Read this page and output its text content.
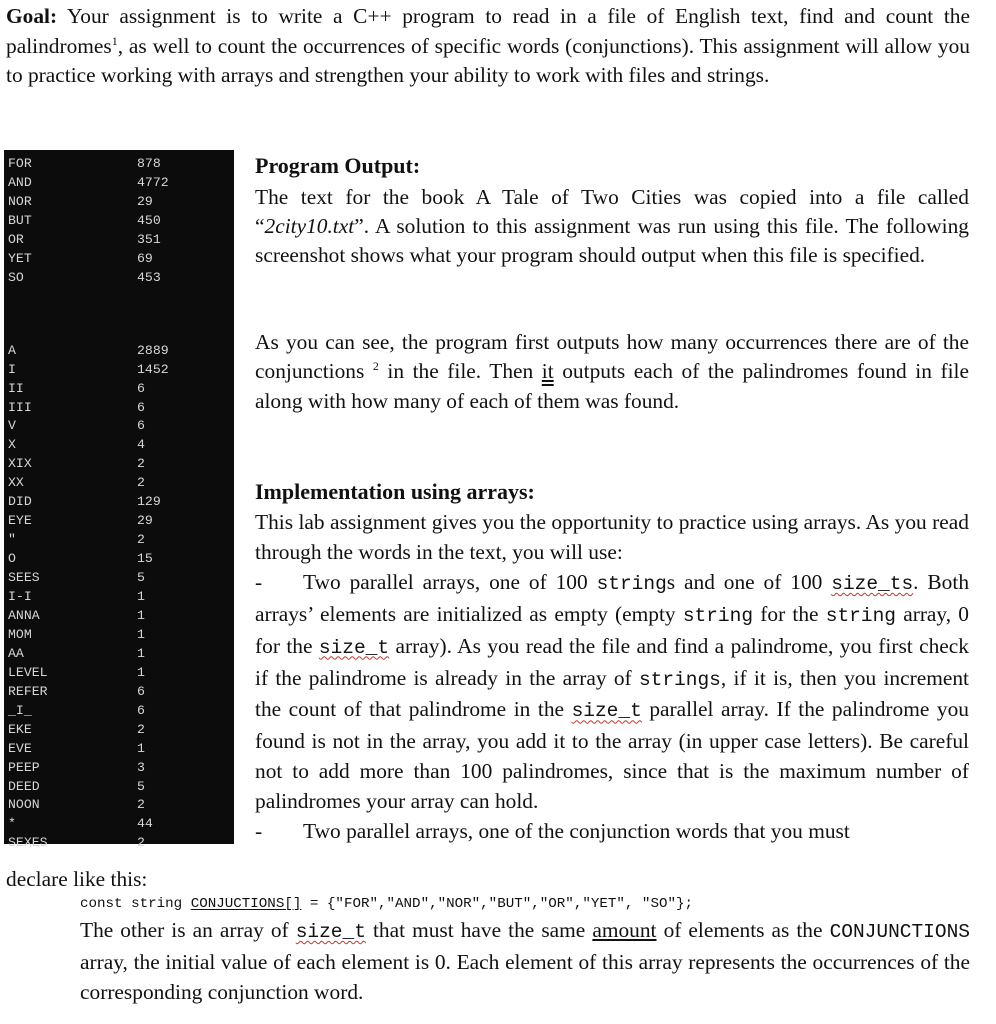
Goal: Your assignment is to write a C++ program to read in a file of English text, find and count the palindromes$^1$, as well to count the occurrences of specific words (conjunctions). This assignment will allow you to practice working with arrays and strengthen your ability to work with files and strings.

FOR	878
AND	4772
NOR	29
BUT	450
OR	351
YET	69
SO	453
A	2889
I	1452
II	6
III	6
V	6
X	4
XIX	2
XX	2
DID	129
EYE	29
"	2
O	15
SEES	5
I-I	1
ANNA	1
MOM	1
AA	1
LEVEL	1
REFER	6
_I_	6
EKE	2
EVE	1
PEEP	3
DEED	5
NOON	2
*	44
SEXES	2

Program Output:

The text for the book A Tale of Two Cities was copied into a file called “2city10.txt”. A solution to this assignment was run using this file. The following screenshot shows what your program should output when this file is specified.

As you can see, the program first outputs how many occurrences there are of the conjunctions $^2$ in the file. Then it outputs each of the palindromes found in file along with how many of each of them was found.

Implementation using arrays:

This lab assignment gives you the opportunity to practice using arrays. As you read through the words in the text, you will use:
- Two parallel arrays, one of 100 strings and one of 100 size_ts. Both arrays’ elements are initialized as empty (empty string for the string array, 0 for the size_t array). As you read the file and find a palindrome, you first check if the palindrome is already in the array of strings, if it is, then you increment the count of that palindrome in the size_t parallel array. If the palindrome you found is not in the array, you add it to the array (in upper case letters). Be careful not to add more than 100 palindromes, since that is the maximum number of palindromes your array can hold.
- Two parallel arrays, one of the conjunction words that you must

declare like this:

const string CONJUCTIONS[] = {"FOR","AND","NOR","BUT","OR","YET", "SO"};

The other is an array of size_t that must have the same amount of elements as the CONJUNCTIONS array, the initial value of each element is 0. Each element of this array represents the occurrences of the corresponding conjunction word.
